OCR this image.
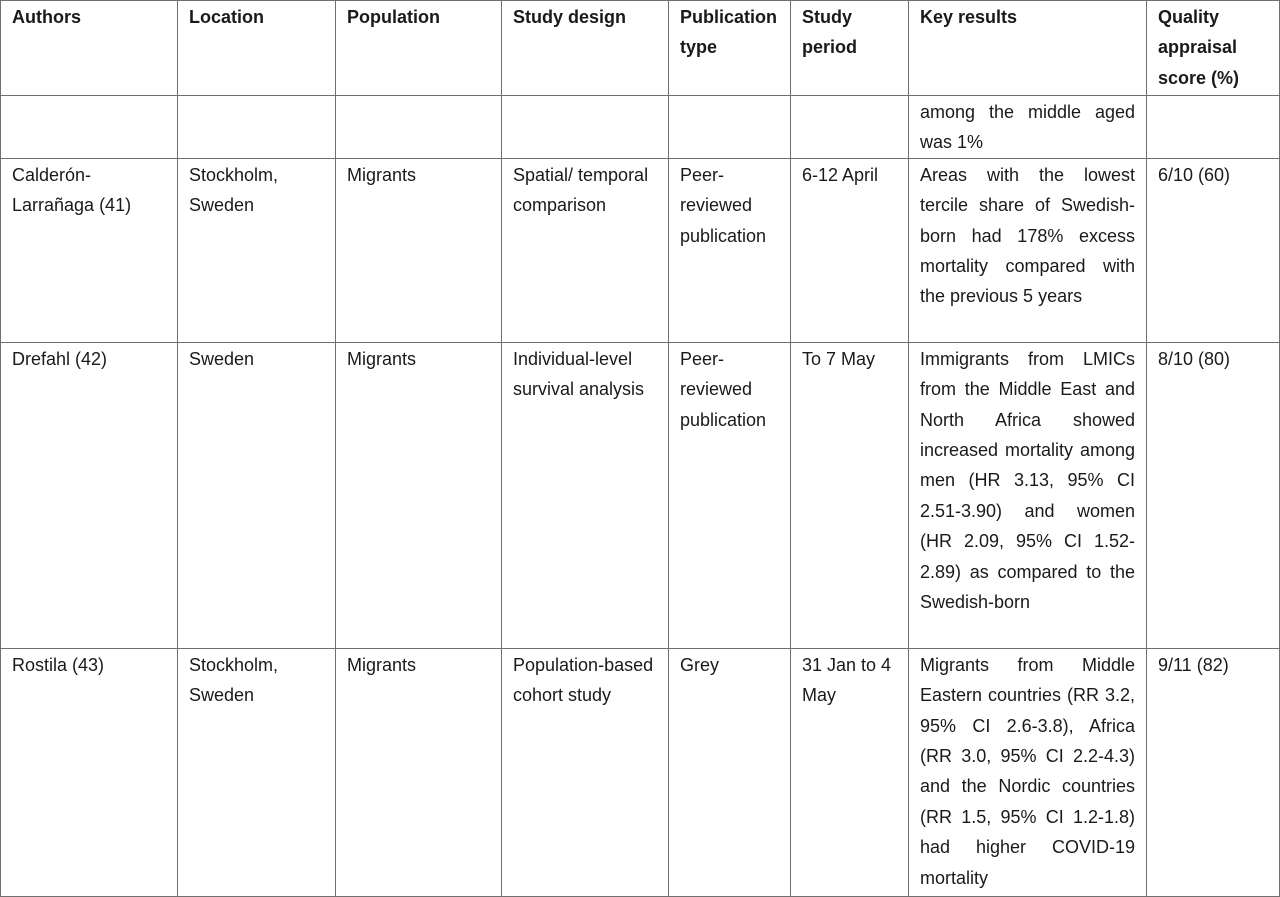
Authors	Location	Population	Study design	Publication type	Study period	Key results	Quality appraisal score (%)
						among the middle aged was 1%	
Calderón-Larrañaga (41)	Stockholm, Sweden	Migrants	Spatial/ temporal comparison	Peer-reviewed publication	6-12 April	Areas with the lowest tercile share of Swedish-born had 178% excess mortality compared with the previous 5 years	6/10 (60)
Drefahl (42)	Sweden	Migrants	Individual-level survival analysis	Peer-reviewed publication	To 7 May	Immigrants from LMICs from the Middle East and North Africa showed increased mortality among men (HR 3.13, 95% CI 2.51-3.90) and women (HR 2.09, 95% CI 1.52-2.89) as compared to the Swedish-born	8/10 (80)
Rostila (43)	Stockholm, Sweden	Migrants	Population-based cohort study	Grey	31 Jan to 4 May	Migrants from Middle Eastern countries (RR 3.2, 95% CI 2.6-3.8), Africa (RR 3.0, 95% CI 2.2-4.3) and the Nordic countries (RR 1.5, 95% CI 1.2-1.8) had higher COVID-19 mortality	9/11 (82)
